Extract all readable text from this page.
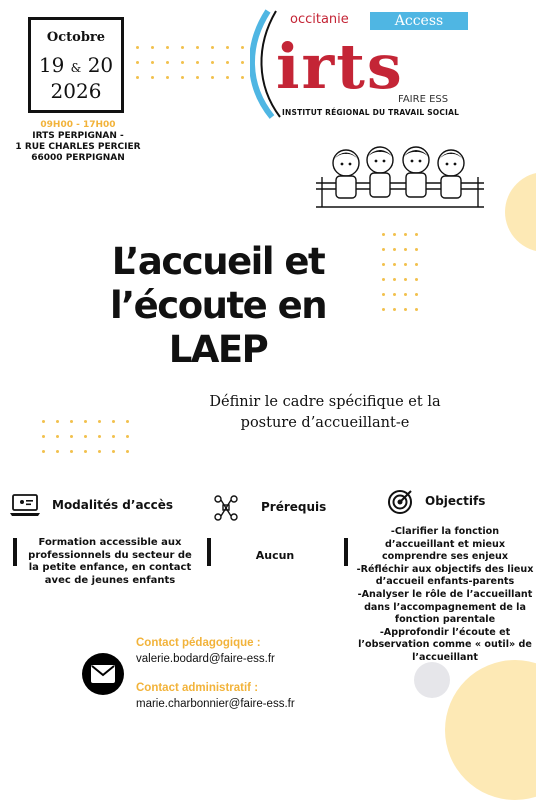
Octobre
19 & 20
2026
09H00 - 17H00
IRTS PERPIGNAN -
1 RUE CHARLES PERCIER
66000 PERPIGNAN
occitanie	Access
irts
FAIRE ESS
INSTITUT RÉGIONAL DU TRAVAIL SOCIAL
L’accueil et
l’écoute en LAEP
Définir le cadre spécifique et la
posture d’accueillant-e
Modalités d’accès
Formation accessible aux
professionnels du secteur de
la petite enfance, en contact
avec de jeunes enfants
Prérequis
Aucun
Objectifs
-Clarifier la fonction
d’accueillant et mieux
comprendre ses enjeux
-Réfléchir aux objectifs des lieux
d’accueil enfants-parents
-Analyser le rôle de l’accueillant
dans l’accompagnement de la
fonction parentale
-Approfondir l’écoute et
l’observation comme « outil» de
l’accueillant
Contact pédagogique :
valerie.bodard@faire-ess.fr
Contact administratif :
marie.charbonnier@faire-ess.fr
